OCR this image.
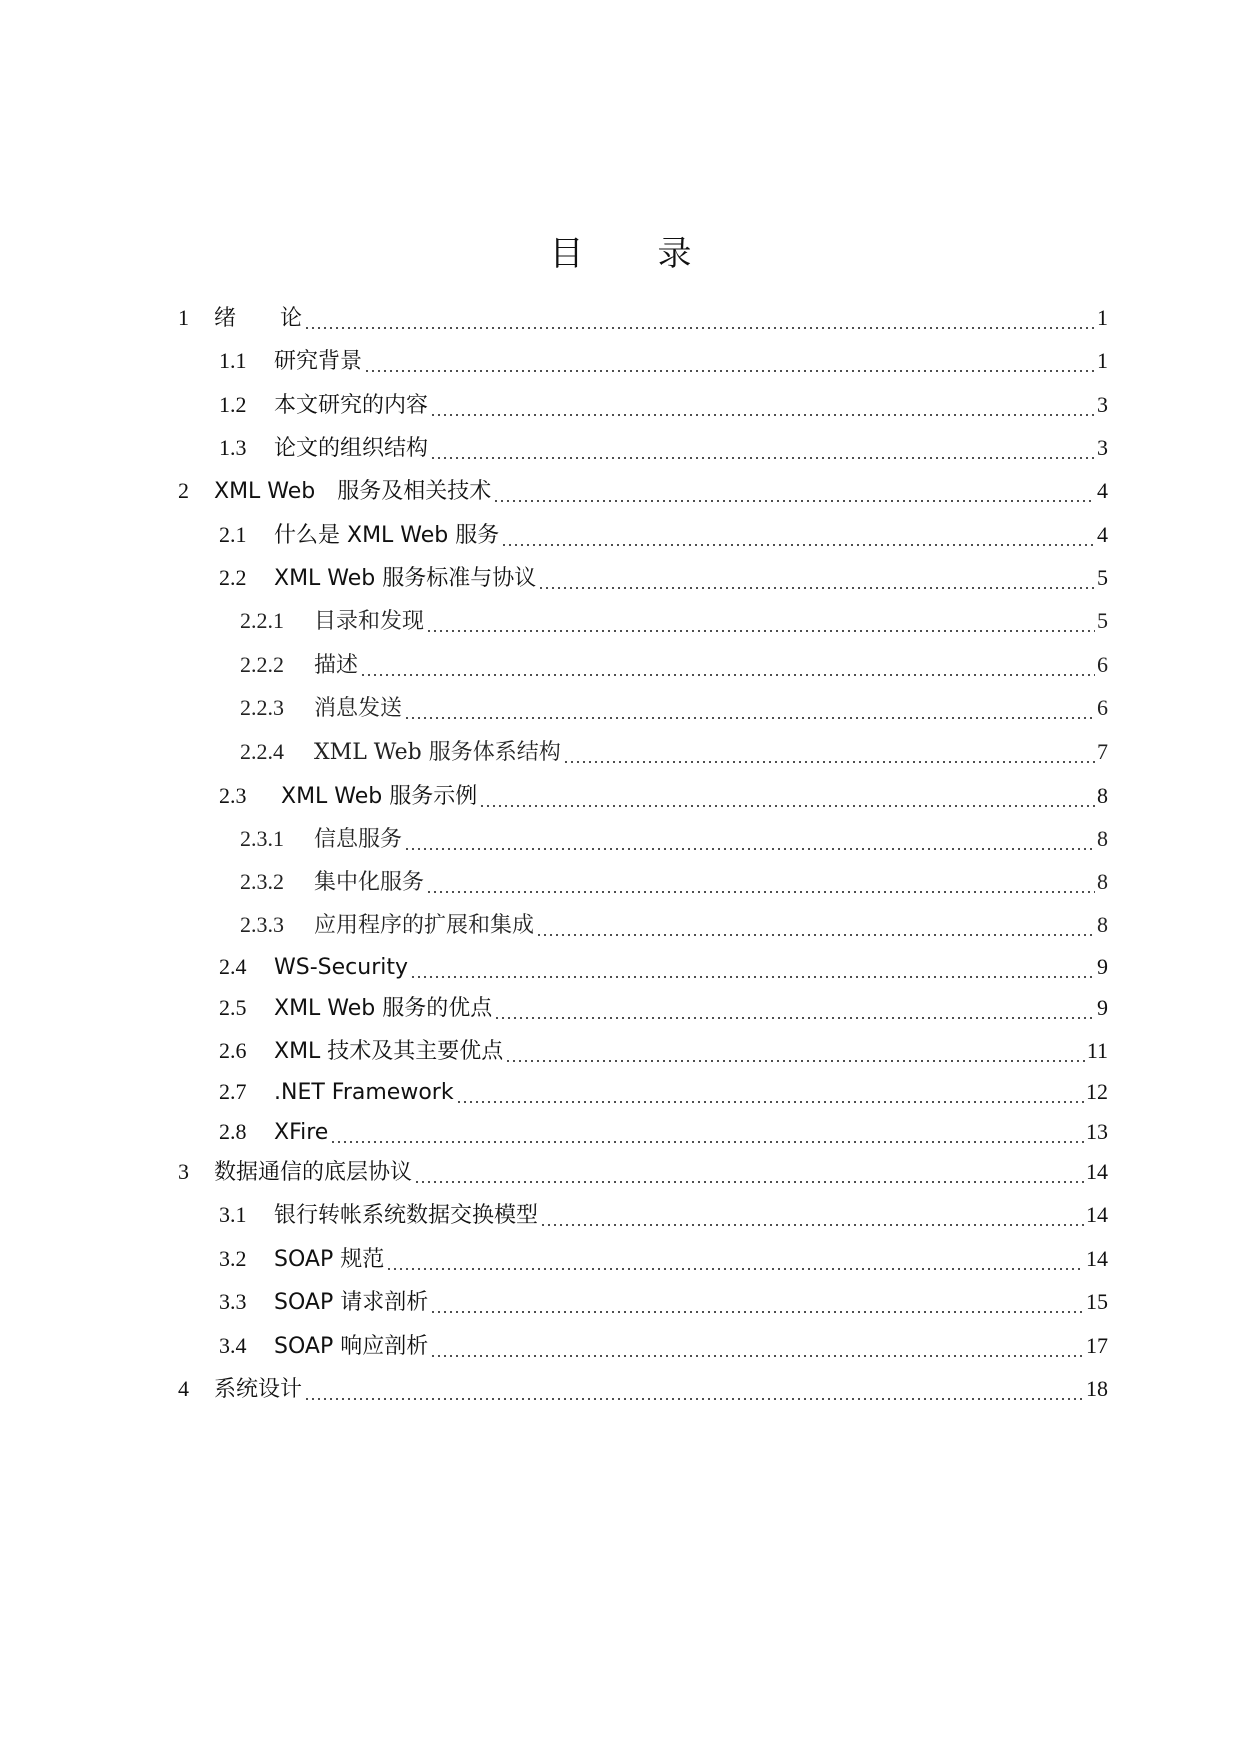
目　录
1	绪　　论	1
1.1	研究背景	1
1.2	本文研究的内容	3
1.3	论文的组织结构	3
2	XML Web　服务及相关技术	4
2.1	什么是 XML Web 服务	4
2.2	XML Web 服务标准与协议	5
2.2.1	目录和发现	5
2.2.2	描述	6
2.2.3	消息发送	6
2.2.4	XML Web 服务体系结构	7
2.3	XML Web 服务示例	8
2.3.1	信息服务	8
2.3.2	集中化服务	8
2.3.3	应用程序的扩展和集成	8
2.4	WS-Security	9
2.5	XML Web 服务的优点	9
2.6	XML 技术及其主要优点	11
2.7	.NET Framework	12
2.8	XFire	13
3	数据通信的底层协议	14
3.1	银行转帐系统数据交换模型	14
3.2	SOAP 规范	14
3.3	SOAP 请求剖析	15
3.4	SOAP 响应剖析	17
4	系统设计	18
